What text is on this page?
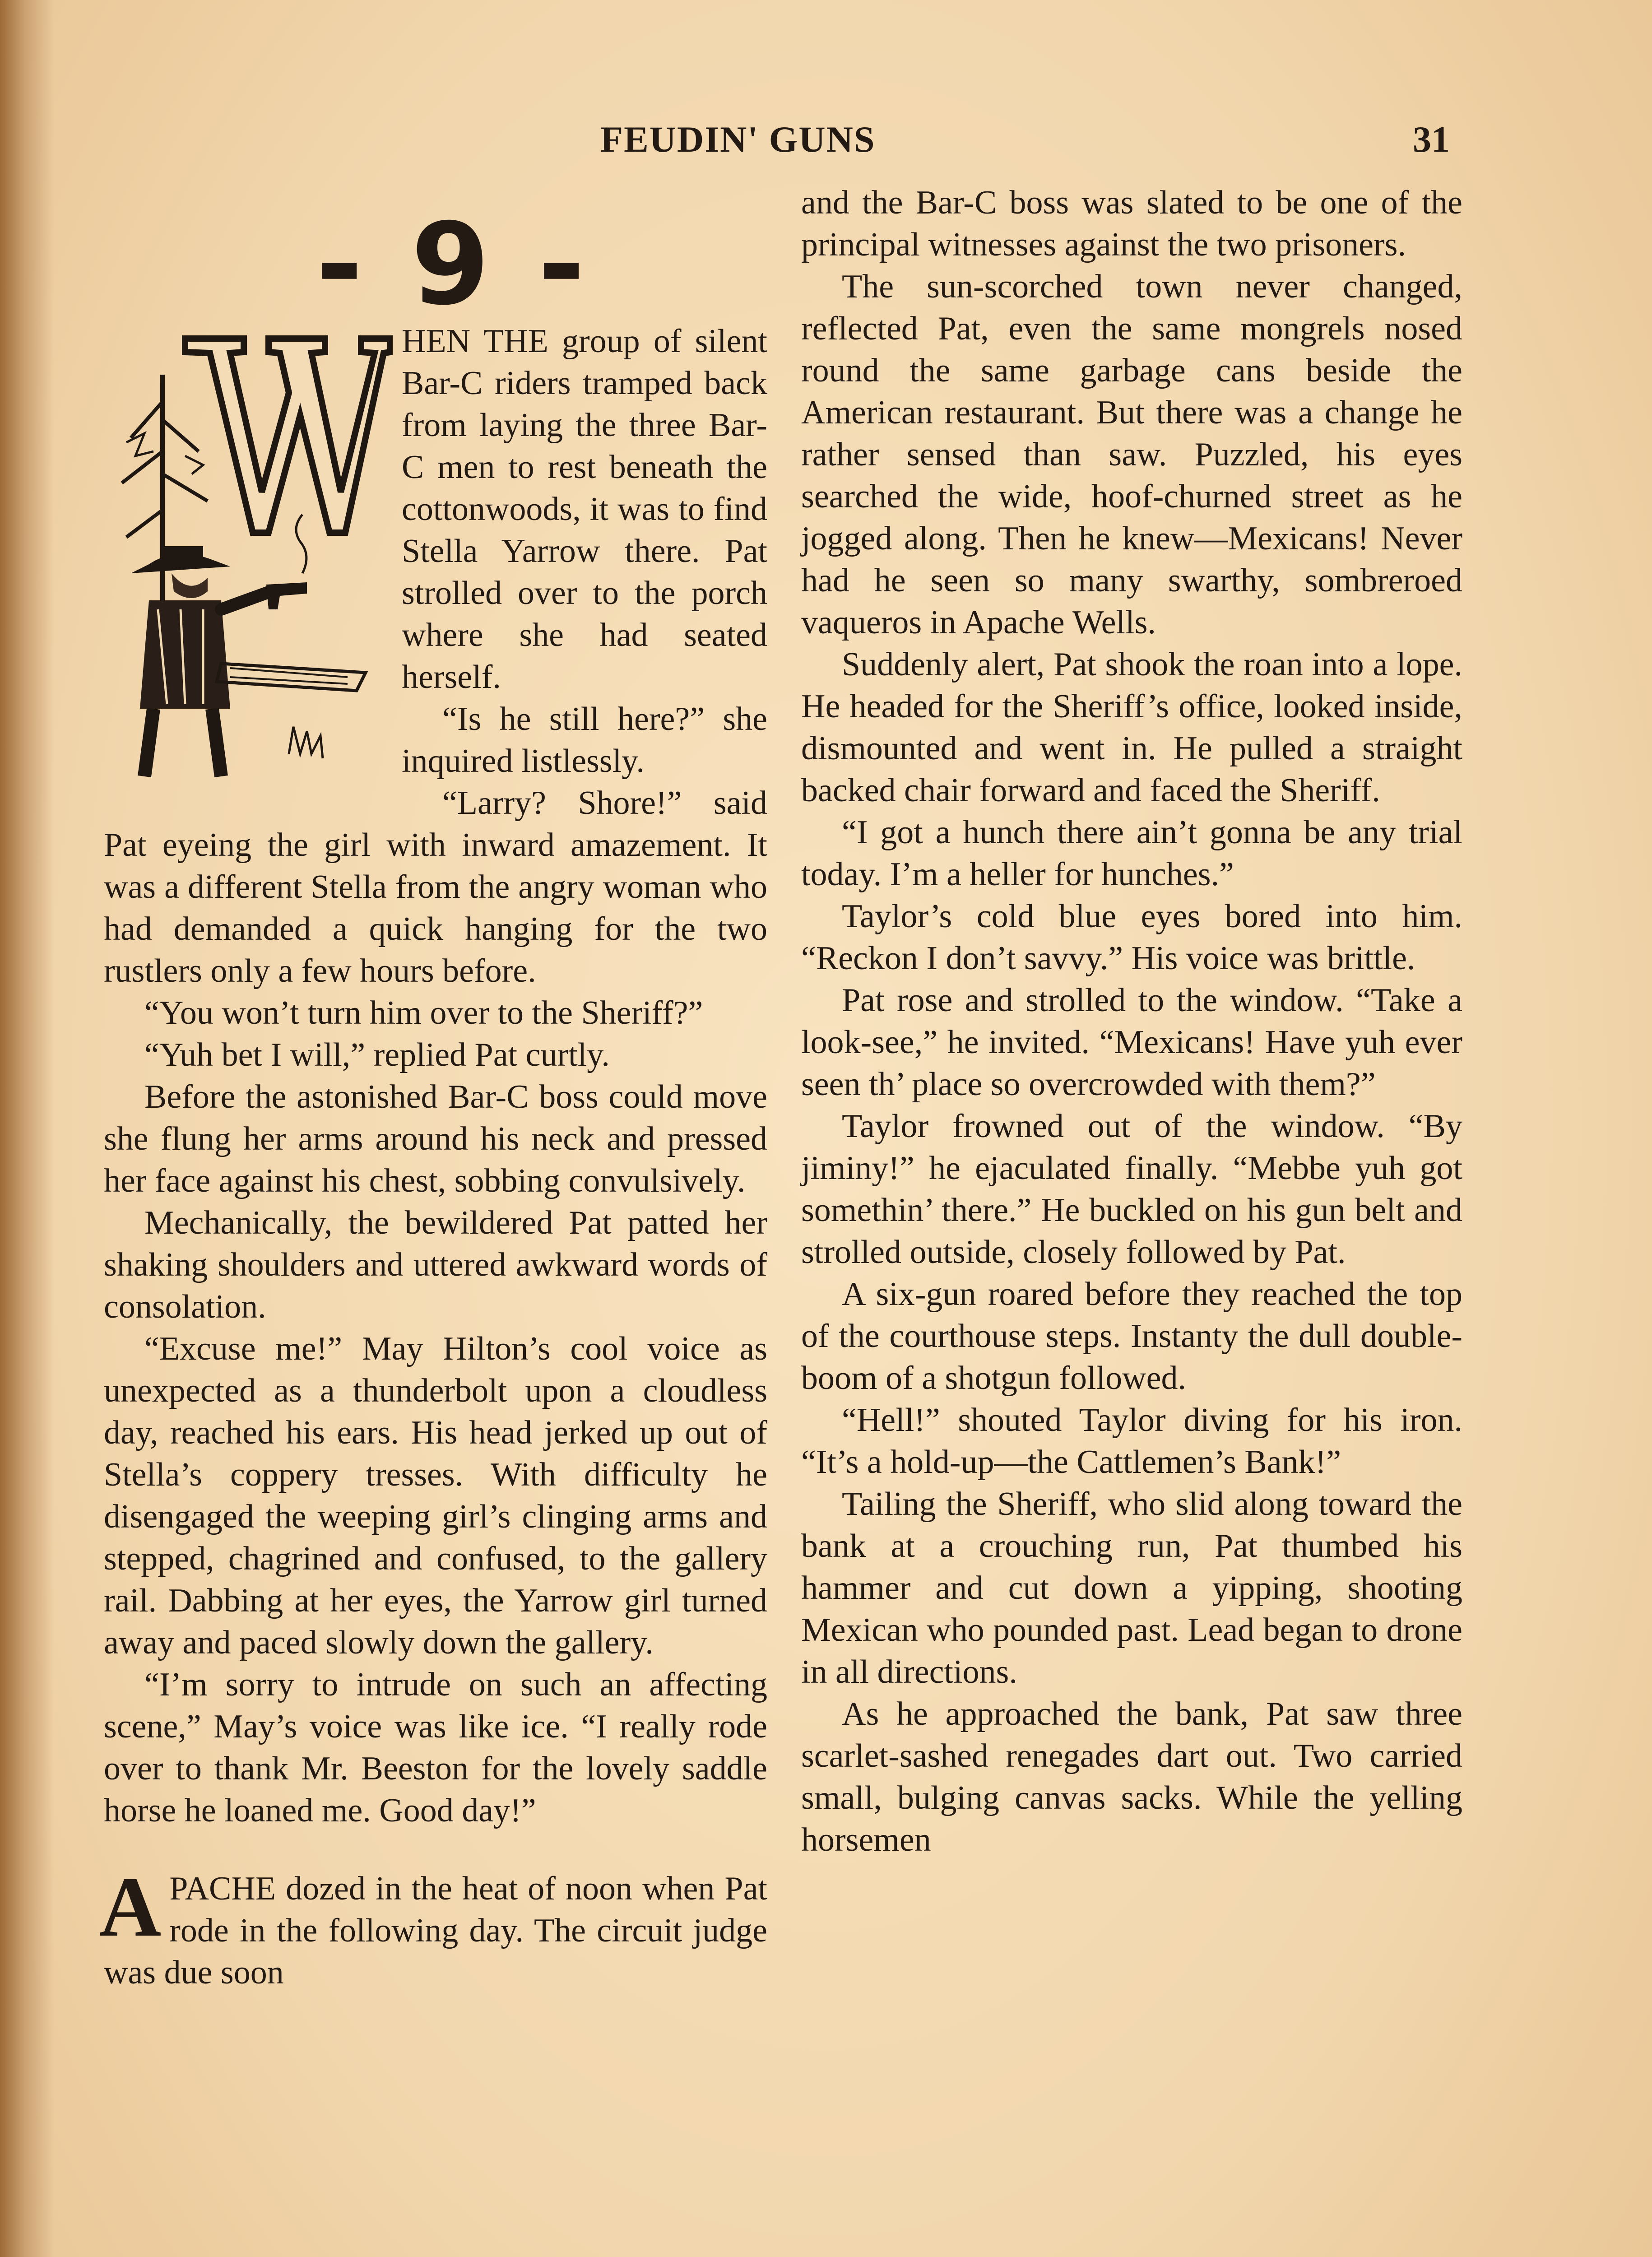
FEUDIN' GUNS	31
- 9 -

HEN THE group of silent Bar-C riders tramped back from laying the three Bar-C men to rest beneath the cottonwoods, it was to find Stella Yarrow there. Pat strolled over to the porch where she had seated herself.

“Is he still here?” she inquired listlessly.

“Larry? Shore!” said Pat eyeing the girl with inward amazement. It was a different Stella from the angry woman who had demanded a quick hanging for the two rustlers only a few hours before.

“You won’t turn him over to the Sheriff?”

“Yuh bet I will,” replied Pat curtly.

Before the astonished Bar-C boss could move she flung her arms around his neck and pressed her face against his chest, sobbing convulsively.

Mechanically, the bewildered Pat patted her shaking shoulders and uttered awkward words of consolation.

“Excuse me!” May Hilton’s cool voice as unexpected as a thunderbolt upon a cloudless day, reached his ears. His head jerked up out of Stella’s coppery tresses. With difficulty he disengaged the weeping girl’s clinging arms and stepped, chagrined and confused, to the gallery rail. Dabbing at her eyes, the Yarrow girl turned away and paced slowly down the gallery.

“I’m sorry to intrude on such an affecting scene,” May’s voice was like ice. “I really rode over to thank Mr. Beeston for the lovely saddle horse he loaned me. Good day!”

A PACHE dozed in the heat of noon when Pat rode in the following day. The circuit judge was due soon

and the Bar-C boss was slated to be one of the principal witnesses against the two prisoners.

The sun-scorched town never changed, reflected Pat, even the same mongrels nosed round the same garbage cans beside the American restaurant. But there was a change he rather sensed than saw. Puzzled, his eyes searched the wide, hoof-churned street as he jogged along. Then he knew—Mexicans! Never had he seen so many swarthy, sombreroed vaqueros in Apache Wells.

Suddenly alert, Pat shook the roan into a lope. He headed for the Sheriff’s office, looked inside, dismounted and went in. He pulled a straight backed chair forward and faced the Sheriff.

“I got a hunch there ain’t gonna be any trial today. I’m a heller for hunches.”

Taylor’s cold blue eyes bored into him. “Reckon I don’t savvy.” His voice was brittle.

Pat rose and strolled to the window. “Take a look-see,” he invited. “Mexicans! Have yuh ever seen th’ place so overcrowded with them?”

Taylor frowned out of the window. “By jiminy!” he ejaculated finally. “Mebbe yuh got somethin’ there.” He buckled on his gun belt and strolled outside, closely followed by Pat.

A six-gun roared before they reached the top of the courthouse steps. Instanty the dull double-boom of a shotgun followed.

“Hell!” shouted Taylor diving for his iron. “It’s a hold-up—the Cattlemen’s Bank!”

Tailing the Sheriff, who slid along toward the bank at a crouching run, Pat thumbed his hammer and cut down a yipping, shooting Mexican who pounded past. Lead began to drone in all directions.

As he approached the bank, Pat saw three scarlet-sashed renegades dart out. Two carried small, bulging canvas sacks. While the yelling horsemen
